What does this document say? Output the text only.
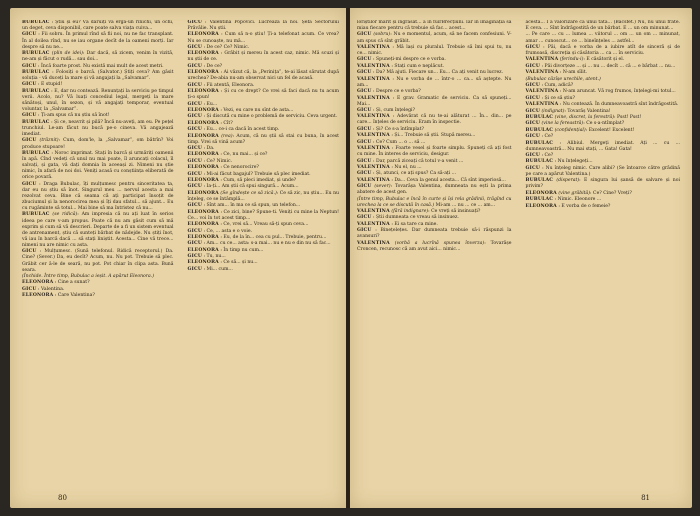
BUBULAC : Știu și eu? Vă dăruiți va erga-un rînichi, un ochi, un deget, ceva disponibil, care poate salva viața cuiva...

GICU : Fii sobru. În primul rînd să fii noi, nu ne fac transplant. În al doilea rînd, nu se iau organe decît de la oameni morți. Iar despre să nu ne...

BUBULAC (plin de idei): Dar dacă, să zicem, venim în vizită, ne-am și făcut o rudă... sau doi...

GICU : Încă foarte prost. Nu există mai mult de acest metri.

BUBULAC : Folosiți o barcă. (Salvator.) Știți ceva? Am găsit soluția - vă duceți la mare și vă angajați la „Salvamar”.

GICU : E stupid!

BUBULAC : E, dar nu contează. Renunțați la serviciu pe timpul verii. Acolo, nu? Vă luați concediul legal, mergeți la mare sănătoși, unul, în sezon, și vă angajați temporar, eventual voluntar, la „Salvamar”.

GICU : Ți-am spus că nu știu să înot!

BUBULAC : Și ce, neavrit și pilă? Încă nu-aveți, am eu. Pe pețel trunchiul. Le-am făcut nu bucă pe-o cineva. Vă angajează imediat.

GICU (trăznit): Cum, dom'le, la „Salvamar”, om bătrîn? Voi produce stupoare!

BUBULAC : Noroc imprimat. Stați în barcă și urmăriți oamenii în apă. Cînd vedeți că unul nu mai poate, îl aruncați colacul, îl salvați, și gata, vă dați domnia în aceeași zi. Nimeni nu știe nimic, în afară de noi doi. Veniți acasă cu conștiința eliberată de orice povară.

GICU : Draga Bubulac, îți mulțumesc pentru sinceritatea ta, dar eu nu știu să înot. Singurul meu ... nervul acesta a mai rezolvat ceva. Bine că seama că ați participat însoțit de zbuciumul și la nenorocirea mea și îți dau sfatul... să ajunt... Eu cu rugăminte să totul... Mai bine să ma întristez că nu...

BUBULAC (se ridică): Am impresia că nu ați luat în serios ideea pe care v-am propus. Poate că nu am găsit cum să mă exprim și cum să vă descrieri. Departe de a fi un sistem eventual de antrenament, știu că sunteți bărbat de nădejde. Nu știți înot, vă iau în barcă dacă ... să stați liniștit. Acesta... Cine vă trece... nimeni nu are nimic cu asta.

GICU : Mulțumesc. (Sună telefonul. Ridică receptorul.) Da. Cine? (Sever.) Da, eu decît? Acum, nu. Nu pot. Trebuie să plec. Grăbit cer ȃ-le de seară, nu pot. Pot chiar în clipa asta. Bună seara.

(Închide. Între timp, Bubulac a ieșit. A apărut Eleonora.)

ELEONORA : Cine a sunat?

GICU : Valentina.

ELEONORA : Care Valentina?

GICU : Valentina Popovici. Lucrează la noi. Șefa Sectorului Prăvălie. Nu știi.

ELEONORA : Cum să n-o știu! Ți-a telefonat acum. Ce vrea? Nu se cunoaște, nu mă...

GICU : De ce? Ce? Nimic.

ELEONORA : Grăbit și mereu în acest caz, nimic. Mă scuzi și nu știi de ce.

GICU : De ce?

ELEONORA : Ai văzut că, la „Perinița”, te-ai lăsat sărutat după urechea? De-abia nu-am observat nici un fel de acasă.

GICU : Fii atentă, Eleonora.

ELEONORA : Și cu ce drept? Ce vrei să faci dacă nu tu acum ți-o spun!

GICU : Eu...

ELEONORA : Vezi, eu care nu sînt de asta...

GICU : Și discută cu mine o problemă de serviciu. Ceva urgent.

ELEONORA : Cît?

GICU : Eu... ce-i ca dacă în acest timp.

ELEONORA (rea): Acum, că nu știi să stai cu buna, în acest timp. Vrei să vină acum?

GICU : Da.

ELEONORA : Ce, nu mai... și ce?

GICU : Ce? Nimic.

ELEONORA : Ce nenorocire?

GICU : Mi-ai făcut bagajul? Trebuie să plec imediat.

ELEONORA : Cum, să pleci imediat, și unde?

GICU : Ia-ți... Am știi că spui singură... Acum...

ELEONORA (Se gîndește ce să zică.): Ce să zic, nu știu... Eu nu înțeleg, ce se întâmplă...

GICU : Sînt am... în ma ce să spun, un telefon...

ELEONORA : Ce zici, bine? Spune-ti. Veniți cu mine la Neptun! Ce... voi în tot acest timp...

ELEONORA : Ce, vrei să... Vreau să-ți spun ceva...

GICU : Ce, ... asta e o voie.

ELEONORA : Eu, de la în... cea cu pul... Trebuie, pentru...

GICU : Am... cu ce... asta: s-a mai... nu e nu e din nu să fac...

ELEONORA : În timp nu cum...

GICU : Tu, nu...

ELEONORA : Ce să... și nu...

GICU : Mi... cum...

80

loriștilor mărit și ingrăsat... a în fuirBrecțiuni. Iar în imaginația sa miau fiecare pentru că trebuie să fac... acest...

GICU (sobru): Nu e momentul, acum, să ne facem confesiuni. V-am spus că sînt grăbit.

VALENTINA : Mă lași cu pluralul. Trebuie să îmi spui tu, nu ce... nimic.

GICU : Spuneți-mi despre ce e vorba.

VALENTINA : Stați cum e neplăcut.

GICU : Da? Mă ajuti. Fiecare un... Eu... Ca ați venit nu lucrez.

VALENTINA : Nu e vorba de ... într-o ... ca... să aștepte. Nu am...

GICU : Despre ce e vorba?

VALENTINA : E grav. Gramatic de serviciu. Ca să spuneți... Mai...

GICU : Și, cum înțelegi?

VALENTINA : Adevărat că nu te-ai alăturat ... În... din... pe care... înțeles de serviciu. Eram în inspectie.

GICU : Și? Ce s-a întîmplat?

VALENTINA : Și... Trebuie să știi. Stupă mereu...

GICU : Ce? Cum ... o ... să ...

VALENTINA : Foarte vesel și foarte simplu. Spuneți că ați fost cu mine. În interes de serviciu, desigur.

GICU : Dar, parcă ziceați că totul v-a venit ...

VALENTINA : Nu el, nu ...

GICU : Și, atunci, ce ați spus? Ca să-ați ...

VALENTINA : Da... Ceva la genul acesta... Că sînt imperiosă...

GICU (sever): Tovarășa Valentina, dumneata nu ești la prima abatere de acest gen.

(Între timp, Bubulac e încă în curte și își rela grădinii, trăgînd cu urechea la ce se discută în casă.) Mi-am ... nu ... ce ... am...

VALENTINA (fără indignare): Ce vreți să insinuați?

GICU : Știi dumneata ce vreau să insinuez.

VALENTINA : Ei sa tare ca mine.

GICU : Binețelețes. Dar dumneata trebuie să-i răspunzi la avansuri?

VALENTINA (vorbă a lucrînă spunea înverza): Tovarășe Croncen, recunosc că am avut aici... nimic...

acesta... I a valorizare ca unui tată... (Bacsfet.) Nu, nu unui frate. E ceva. ... Sînt îndrăgostită de un bărbat. E ... un om minunat...

... Pe care ... cu ... lumea ... viitorul ... om ... un om ... minunat, amar ... cunoscut... ce ... bineînțeles ... astfel...

GICU : Păi, dacă e vorba de a iubire atît de sinceră și de frumoasă, discreția și căsătoria ... ca ... în serviciu.

VALENTINA (ferindu-i): E căsătorit și el.

GICU : Păi divorțeze ... și ... nu ... decît ... că ... e bărbat ... nu...

VALENTINA : N-am sîlit.

(Bubulac căzîșe urechile, atent.)

GICU : Cum, adică?

VALENTINA : N-am aruncat. Vă rog frumos, înțelegi-mi totul...

GICU : Și ce să știu?

VALENTINA : Nu contează. În dumneavoastră sînt îndrăgostită.

GICU (indignat): Tovarăș Valentina!

BUBULAC (vine, discret, la ferestră): Psst! Psst!

GICU (vine la fereastră): Ce s-a-ntîmplat?

BUBULAC (confidențial): Excelent! Excelent!

GICU : Ce?

BUBULAC : Alibiul. Mergeți imediat. Ați ... cu ... dumneavoastră... Nu mai stați, ... Gata! Gata!

GICU : Ce?

BUBULAC : Nu înțelegeți...

GICU : Nu înțeleg nimic. Care alibi? (Se întoarce către grădină pe care a apărut Valentina.)

BUBULAC (disperat): E singura lui șansă de salvare și noi privim?

ELEONORA (vine grăbită): Ce? Cine? Vreți?

BUBULAC : Nimic. Eleonore ...

ELEONORA : E vorba de o femeie?

81
